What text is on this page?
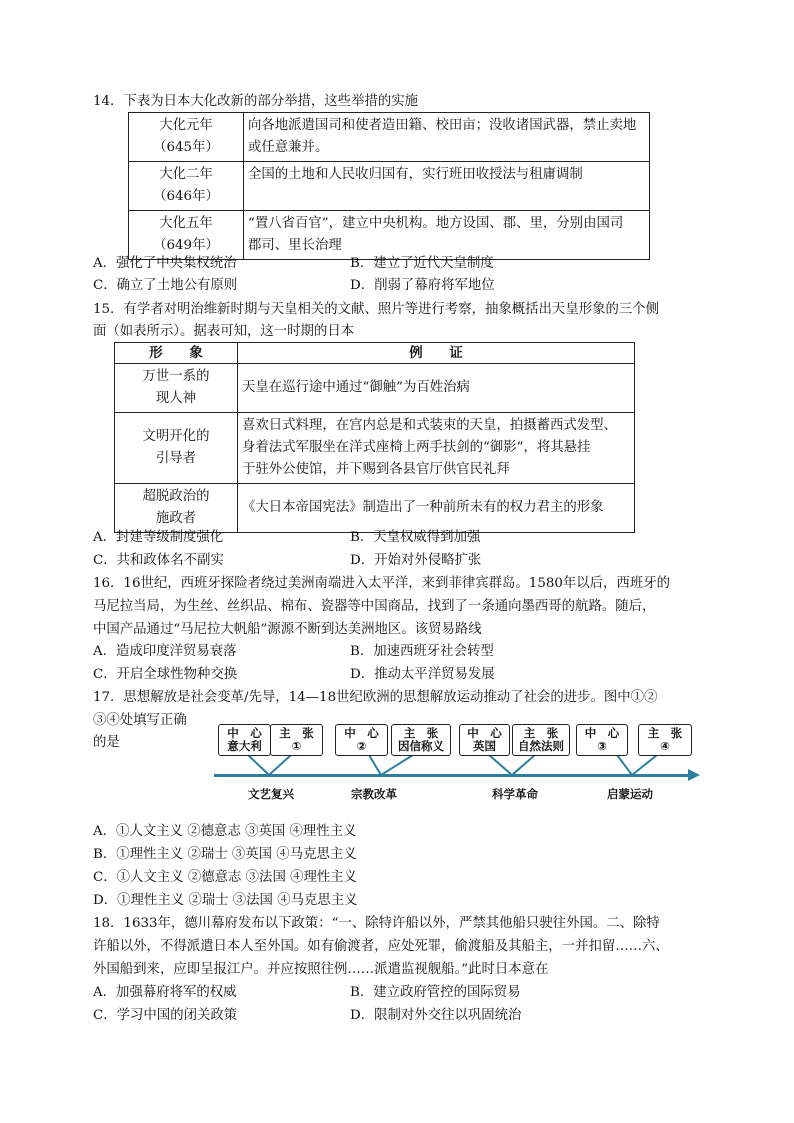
14．下表为日本大化改新的部分举措，这些举措的实施
大化元年
（645年）	向各地派遣国司和使者造田籍、校田亩；没收诸国武器，禁止卖地
或任意兼并。
大化二年
（646年）	全国的土地和人民收归国有，实行班田收授法与租庸调制
大化五年
（649年）	“置八省百官”，建立中央机构。地方设国、郡、里，分别由国司
郡司、里长治理
A．强化了中央集权统治	B．建立了近代天皇制度
C．确立了土地公有原则	D．削弱了幕府将军地位
15．有学者对明治维新时期与天皇相关的文献、照片等进行考察，抽象概括出天皇形象的三个侧
面（如表所示）。据表可知，这一时期的日本
形　　象	例　　证
万世一系的
现人神	天皇在巡行途中通过“御触”为百姓治病
文明开化的
引导者	喜欢日式料理，在宫内总是和式装束的天皇，拍摄蓄西式发型、
身着法式军服坐在洋式座椅上两手扶剑的“御影”，将其悬挂
于驻外公使馆，并下赐到各县官厅供官民礼拜
超脱政治的
施政者	《大日本帝国宪法》制造出了一种前所未有的权力君主的形象
A．封建等级制度强化	B．天皇权威得到加强
C．共和政体名不副实	D．开始对外侵略扩张
16．16世纪，西班牙探险者绕过美洲南端进入太平洋，来到菲律宾群岛。1580年以后，西班牙的
马尼拉当局，为生丝、丝织品、棉布、瓷器等中国商品，找到了一条通向墨西哥的航路。随后，
中国产品通过“马尼拉大帆船”源源不断到达美洲地区。该贸易路线
A．造成印度洋贸易衰落	B．加速西班牙社会转型
C．开启全球性物种交换	D．推动太平洋贸易发展
17．思想解放是社会变革/先导，14—18世纪欧洲的思想解放运动推动了社会的进步。图中①②
③④处填写正确
的是
中　心
意大利
主　张
①
中　心
②
主　张
因信称义
中　心
英国
主　张
自然法则
中　心
③
主　张
④
文艺复兴	宗教改革	科学革命	启蒙运动
A．①人文主义 ②德意志 ③英国 ④理性主义
B．①理性主义 ②瑞士 ③英国 ④马克思主义
C．①人文主义 ②德意志 ③法国 ④理性主义
D．①理性主义 ②瑞士 ③法国 ④马克思主义
18．1633年，德川幕府发布以下政策：“一、除特许船以外，严禁其他船只驶往外国。二、除特
许船以外，不得派遣日本人至外国。如有偷渡者，应处死罪，偷渡船及其船主，一并扣留……六、
外国船到来，应即呈报江户。并应按照往例……派遣监视舰船。”此时日本意在
A．加强幕府将军的权威	B．建立政府管控的国际贸易
C．学习中国的闭关政策	D．限制对外交往以巩固统治
